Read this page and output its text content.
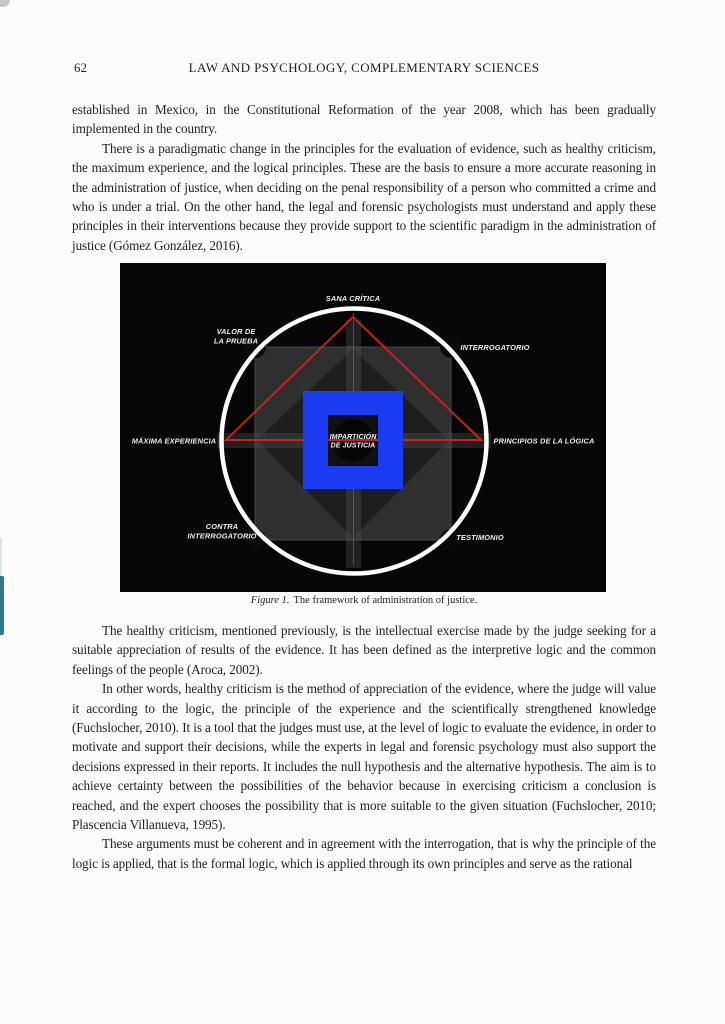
62	LAW AND PSYCHOLOGY, COMPLEMENTARY SCIENCES

established in Mexico, in the Constitutional Reformation of the year 2008, which has been gradually implemented in the country.

There is a paradigmatic change in the principles for the evaluation of evidence, such as healthy criticism, the maximum experience, and the logical principles. These are the basis to ensure a more accurate reasoning in the administration of justice, when deciding on the penal responsibility of a person who committed a crime and who is under a trial. On the other hand, the legal and forensic psychologists must understand and apply these principles in their interventions because they provide support to the scientific paradigm in the administration of justice (Gómez González, 2016).

IMPARTICIÓN
DE JUSTICIA
SANA CRÍTICA
VALOR DE
LA PRUEBA
INTERROGATORIO
MÁXIMA EXPERIENCIA	PRINCIPIOS DE LA LÓGICA
CONTRA
INTERROGATORIO	TESTIMONIO
Figure 1. The framework of administration of justice.

The healthy criticism, mentioned previously, is the intellectual exercise made by the judge seeking for a suitable appreciation of results of the evidence. It has been defined as the interpretive logic and the common feelings of the people (Aroca, 2002).

In other words, healthy criticism is the method of appreciation of the evidence, where the judge will value it according to the logic, the principle of the experience and the scientifically strengthened knowledge (Fuchslocher, 2010). It is a tool that the judges must use, at the level of logic to evaluate the evidence, in order to motivate and support their decisions, while the experts in legal and forensic psychology must also support the decisions expressed in their reports. It includes the null hypothesis and the alternative hypothesis. The aim is to achieve certainty between the possibilities of the behavior because in exercising criticism a conclusion is reached, and the expert chooses the possibility that is more suitable to the given situation (Fuchslocher, 2010; Plascencia Villanueva, 1995).

These arguments must be coherent and in agreement with the interrogation, that is why the principle of the logic is applied, that is the formal logic, which is applied through its own principles and serve as the rational
